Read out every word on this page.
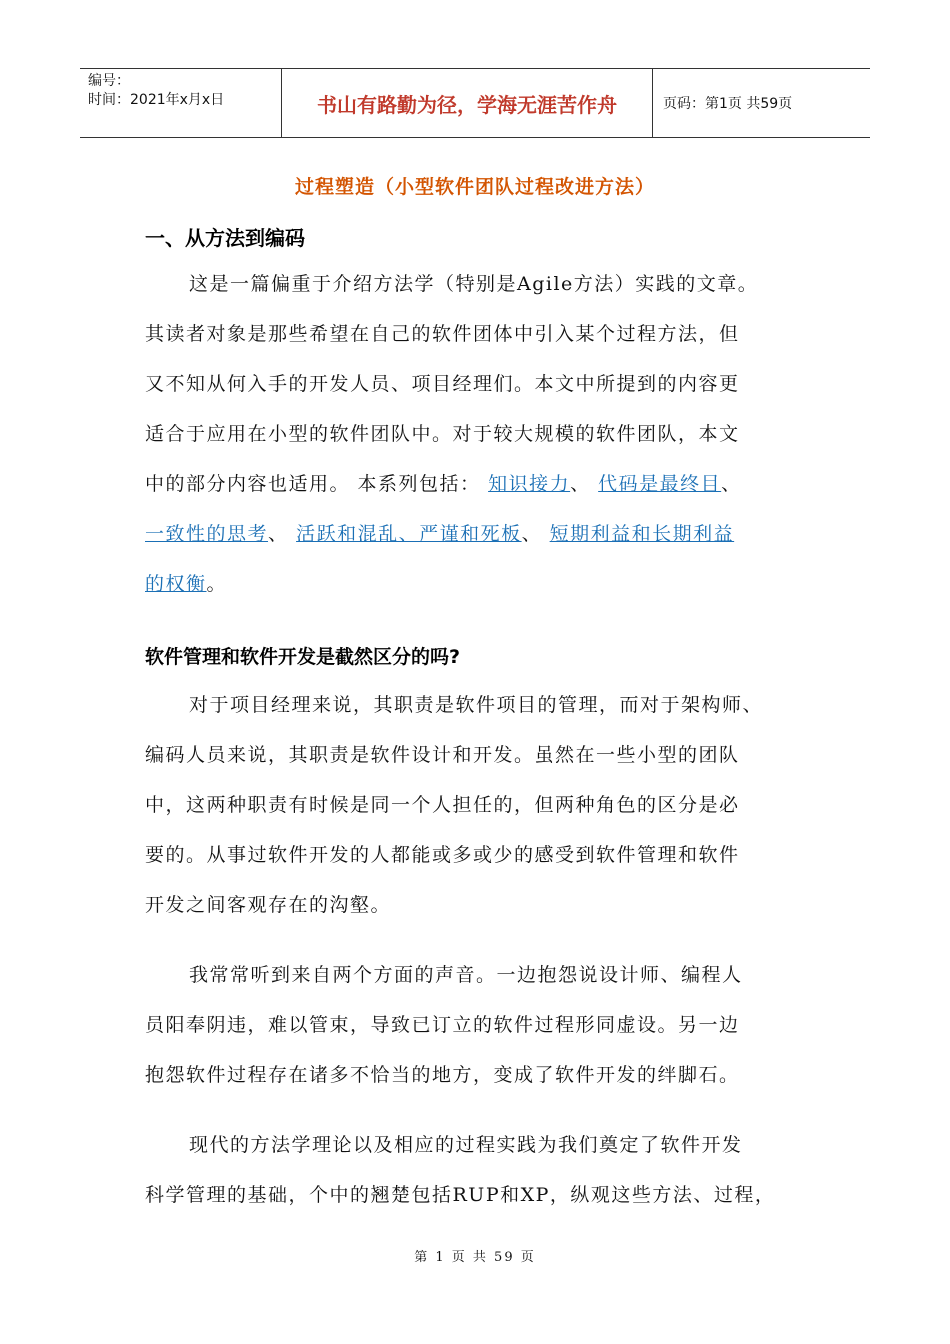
编号：
时间：2021年x月x日	书山有路勤为径，学海无涯苦作舟	页码：第1页 共59页
过程塑造（小型软件团队过程改进方法）
一、从方法到编码
这是一篇偏重于介绍方法学（特别是Agile方法）实践的文章。
其读者对象是那些希望在自己的软件团体中引入某个过程方法，但
又不知从何入手的开发人员、项目经理们。本文中所提到的内容更
适合于应用在小型的软件团队中。对于较大规模的软件团队，本文
中的部分内容也适用。 本系列包括： 知识接力、 代码是最终目、
一致性的思考、 活跃和混乱、严谨和死板、 短期利益和长期利益
的权衡。
软件管理和软件开发是截然区分的吗?
对于项目经理来说，其职责是软件项目的管理，而对于架构师、
编码人员来说，其职责是软件设计和开发。虽然在一些小型的团队
中，这两种职责有时候是同一个人担任的，但两种角色的区分是必
要的。从事过软件开发的人都能或多或少的感受到软件管理和软件
开发之间客观存在的沟壑。
我常常听到来自两个方面的声音。一边抱怨说设计师、编程人
员阳奉阴违，难以管束，导致已订立的软件过程形同虚设。另一边
抱怨软件过程存在诸多不恰当的地方，变成了软件开发的绊脚石。
现代的方法学理论以及相应的过程实践为我们奠定了软件开发
科学管理的基础，个中的翘楚包括RUP和XP，纵观这些方法、过程，
第 1 页 共 59 页
